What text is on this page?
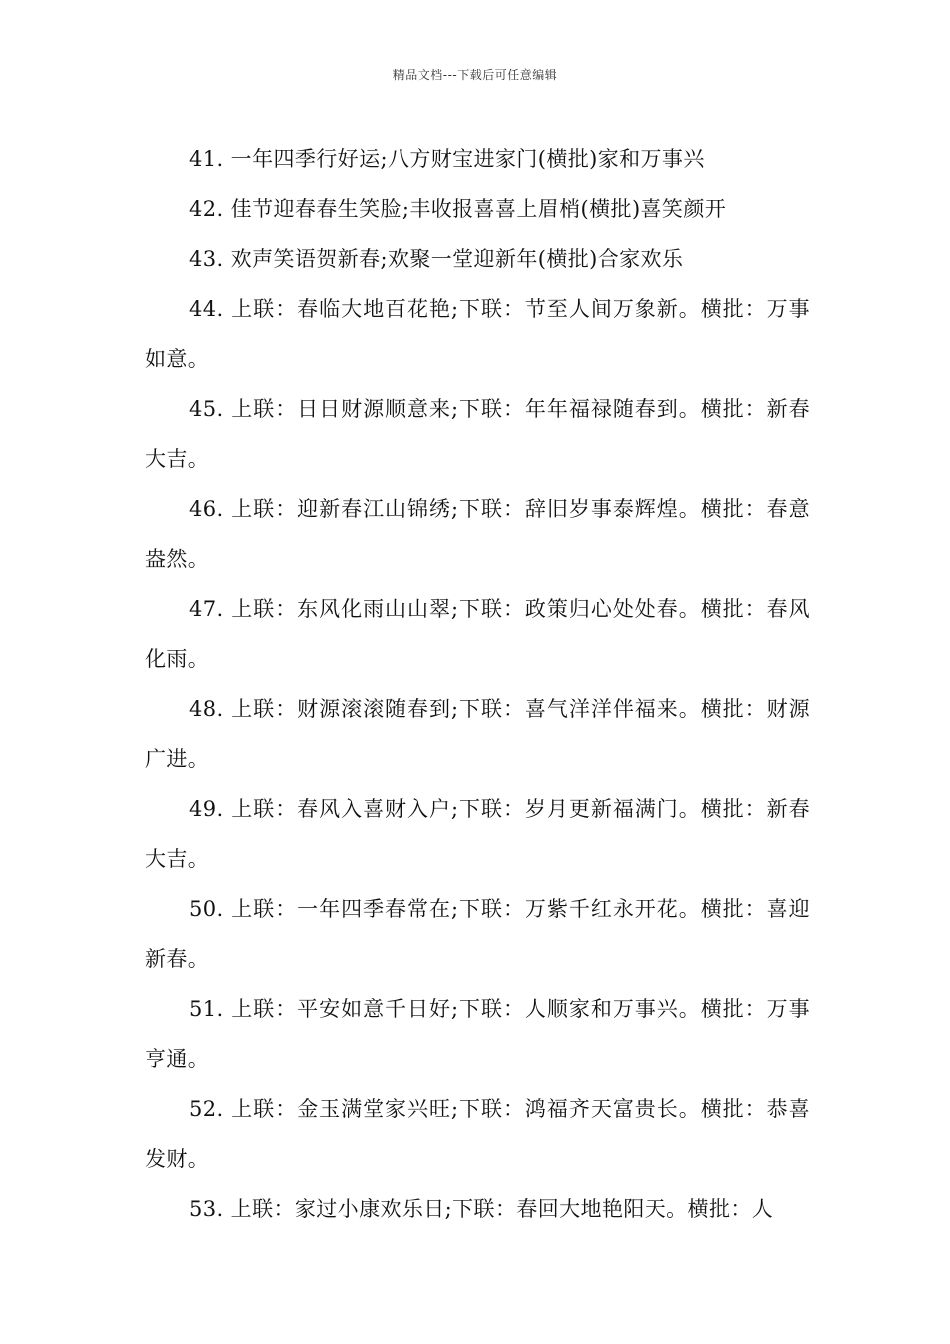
精品文档---下载后可任意编辑

41. 一年四季行好运;八方财宝进家门(横批)家和万事兴

42. 佳节迎春春生笑脸;丰收报喜喜上眉梢(横批)喜笑颜开

43. 欢声笑语贺新春;欢聚一堂迎新年(横批)合家欢乐

44. 上联：春临大地百花艳;下联：节至人间万象新。横批：万事如意。

45. 上联：日日财源顺意来;下联：年年福禄随春到。横批：新春大吉。

46. 上联：迎新春江山锦绣;下联：辞旧岁事泰辉煌。横批：春意盎然。

47. 上联：东风化雨山山翠;下联：政策归心处处春。横批：春风化雨。

48. 上联：财源滚滚随春到;下联：喜气洋洋伴福来。横批：财源广进。

49. 上联：春风入喜财入户;下联：岁月更新福满门。横批：新春大吉。

50. 上联：一年四季春常在;下联：万紫千红永开花。横批：喜迎新春。

51. 上联：平安如意千日好;下联：人顺家和万事兴。横批：万事亨通。

52. 上联：金玉满堂家兴旺;下联：鸿福齐天富贵长。横批：恭喜发财。

53. 上联：家过小康欢乐日;下联：春回大地艳阳天。横批：人
